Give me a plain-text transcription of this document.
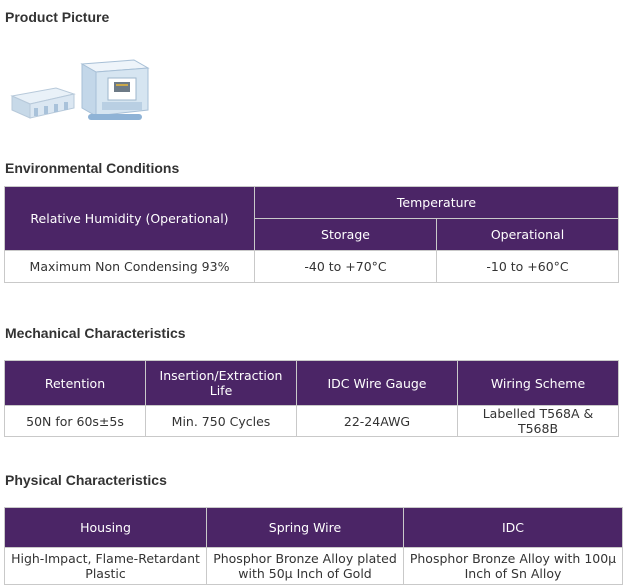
Product Picture
Environmental Conditions
Relative Humidity (Operational)	Temperature	
	Storage	Operational
Maximum Non Condensing 93%	-40 to +70°C	-10 to +60°C
Mechanical Characteristics
Retention	Insertion/Extraction Life	IDC Wire Gauge	Wiring Scheme
50N for 60s±5s	Min. 750 Cycles	22-24AWG	Labelled T568A & T568B
Physical Characteristics
Housing	Spring Wire	IDC
High-Impact, Flame-Retardant Plastic	Phosphor Bronze Alloy plated with 50μ Inch of Gold	Phosphor Bronze Alloy with 100μ Inch of Sn Alloy
